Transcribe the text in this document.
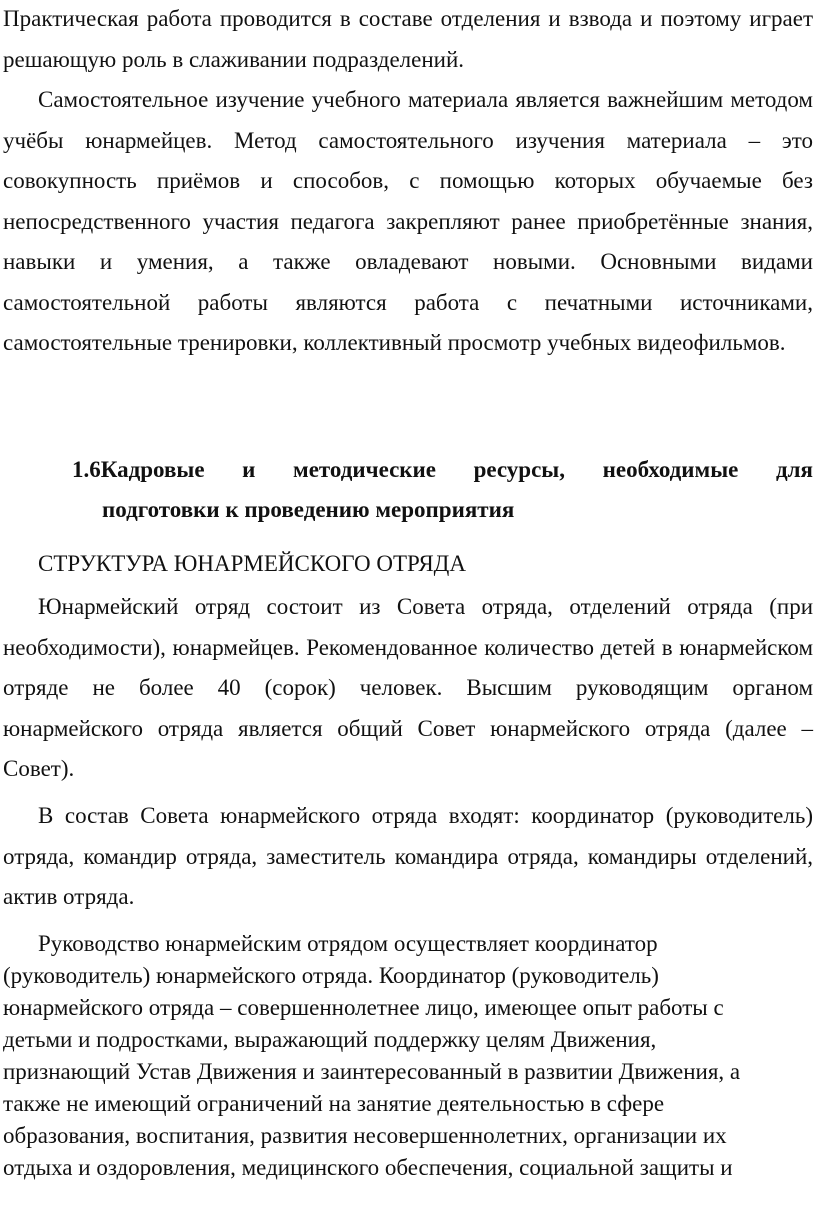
Практическая работа проводится в составе отделения и взвода и поэтому играет решающую роль в слаживании подразделений.

Самостоятельное изучение учебного материала является важнейшим методом учёбы юнармейцев. Метод самостоятельного изучения материала – это совокупность приёмов и способов, с помощью которых обучаемые без непосредственного участия педагога закрепляют ранее приобретённые знания, навыки и умения, а также овладевают новыми. Основными видами самостоятельной работы являются работа с печатными источниками, самостоятельные тренировки, коллективный просмотр учебных видеофильмов.

1.6Кадровые и методические ресурсы, необходимые для
подготовки к проведению мероприятия
СТРУКТУРА ЮНАРМЕЙСКОГО ОТРЯДА

Юнармейский отряд состоит из Совета отряда, отделений отряда (при необходимости), юнармейцев. Рекомендованное количество детей в юнармейском отряде не более 40 (сорок) человек. Высшим руководящим органом юнармейского отряда является общий Совет юнармейского отряда (далее – Совет).

В состав Совета юнармейского отряда входят: координатор (руководитель) отряда, командир отряда, заместитель командира отряда, командиры отделений, актив отряда.

Руководство юнармейским отрядом осуществляет координатор
(руководитель) юнармейского отряда. Координатор (руководитель)
юнармейского отряда – совершеннолетнее лицо, имеющее опыт работы с
детьми и подростками, выражающий поддержку целям Движения,
признающий Устав Движения и заинтересованный в развитии Движения, а
также не имеющий ограничений на занятие деятельностью в сфере
образования, воспитания, развития несовершеннолетних, организации их
отдыха и оздоровления, медицинского обеспечения, социальной защиты и
